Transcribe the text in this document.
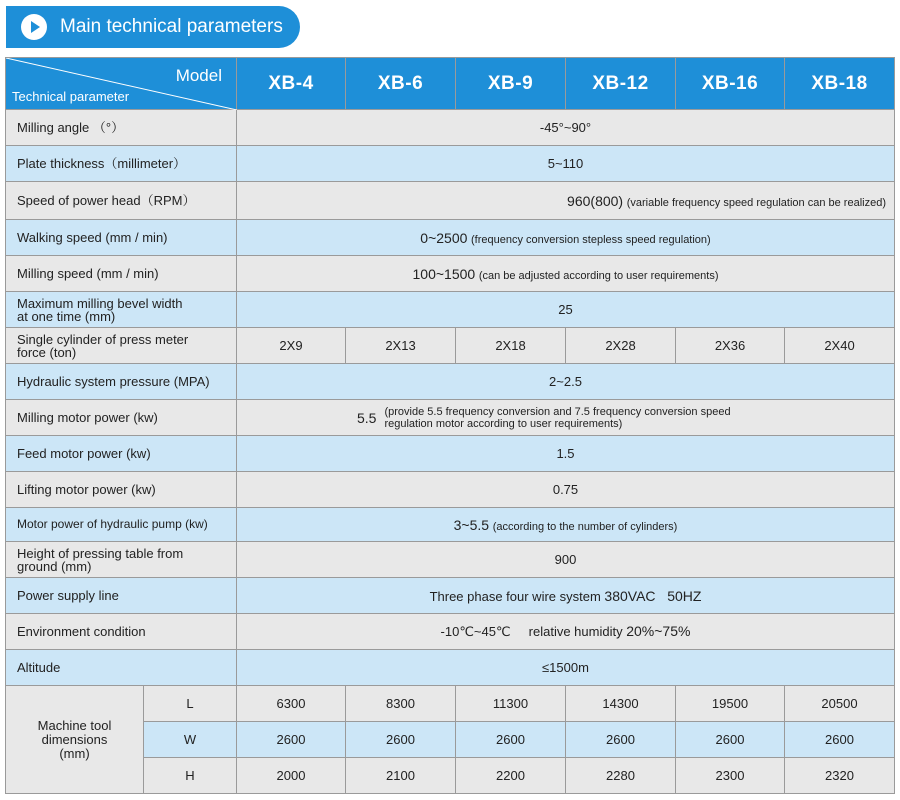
Main technical parameters
Model
Technical parameter		XB-4	XB-6	XB-9	XB-12	XB-16	XB-18
Milling angle （°）		-45°~90°					
Plate thickness（millimeter）		5~110					
Speed of power head（RPM）		960(800) (variable frequency speed regulation can be realized)					
Walking speed (mm / min)		0~2500 (frequency conversion stepless speed regulation)					
Milling speed (mm / min)		100~1500 (can be adjusted according to user requirements)					
Maximum milling bevel width
at one time (mm)		25					
Single cylinder of press meter
force (ton)		2X9	2X13	2X18	2X28	2X36	2X40
Hydraulic system pressure (MPA)		2~2.5					
Milling motor power (kw)		5.5 (provide 5.5 frequency conversion and 7.5 frequency conversion speed
regulation motor according to user requirements)					

Feed motor power (kw)		1.5					
Lifting motor power (kw)		0.75					
Motor power of hydraulic pump (kw)		3~5.5 (according to the number of cylinders)					
Height of pressing table from
ground (mm)		900					
Power supply line		Three phase four wire system 380VAC   50HZ					
Environment condition		-10℃~45℃ relative humidity 20%~75%					
Altitude		≤1500m					
Machine tool
dimensions
(mm)	L	6300	8300	11300	14300	19500	20500
	W	2600	2600	2600	2600	2600	2600
	H	2000	2100	2200	2280	2300	2320
